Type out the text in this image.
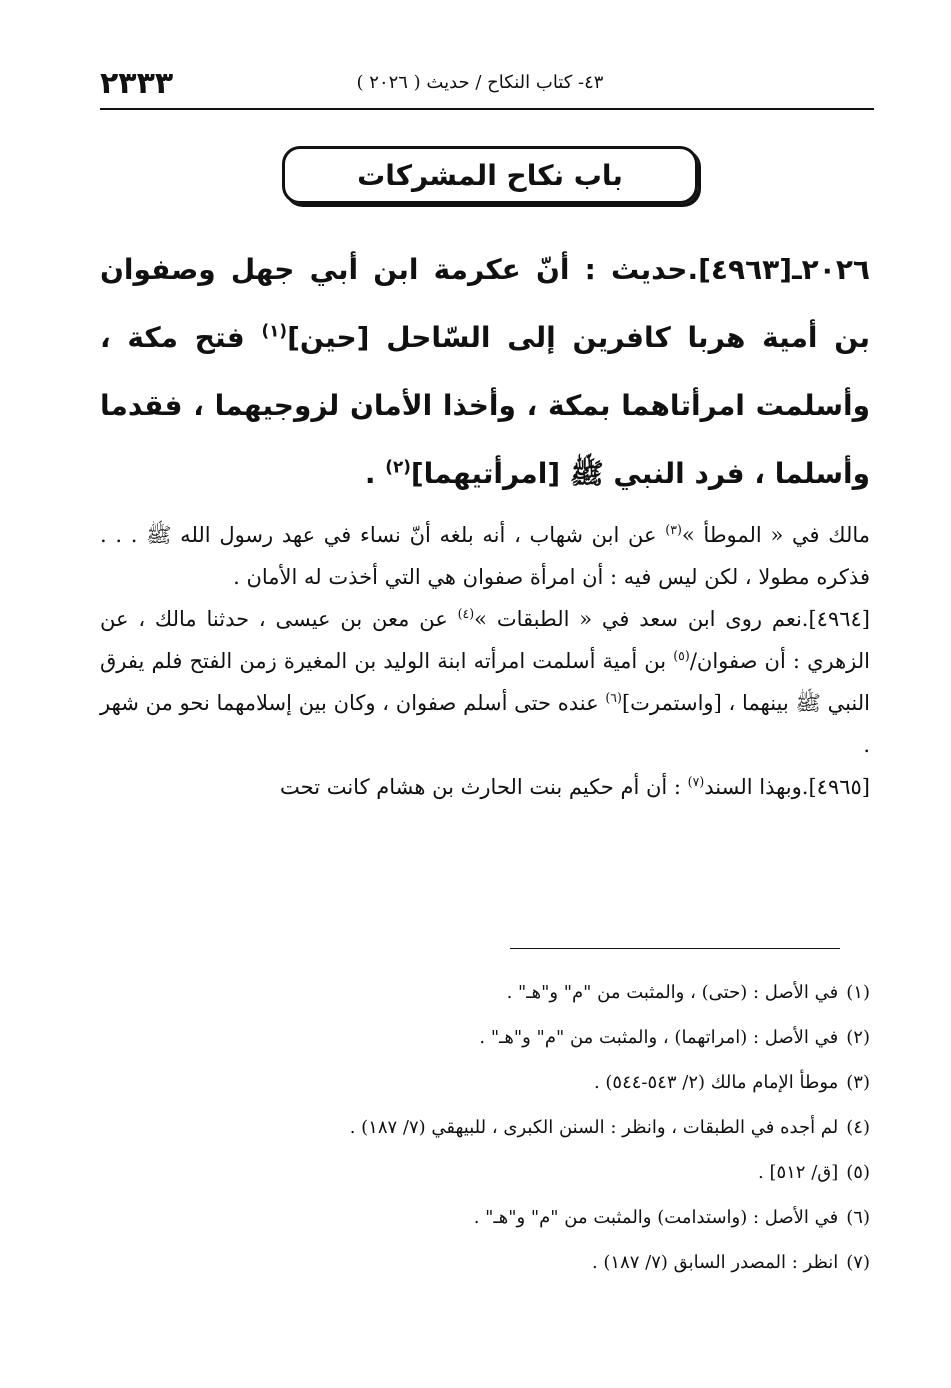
٢٣٣٣	٤٣- كتاب النكاح / حديث ( ٢٠٢٦ )
باب نكاح المشركات
٢٠٢٦ـ[٤٩٦٣].حديث : أنّ عكرمة ابن أبي جهل وصفوان بن أمية هربا كافرين إلى السّاحل [حين]$^{(١)}$ فتح مكة ، وأسلمت امرأتاهما بمكة ، وأخذا الأمان لزوجيهما ، فقدما وأسلما ، فرد النبي ﷺ [امرأتيهما]$^{(٢)}$ .

مالك في « الموطأ »$^{(٣)}$ عن ابن شهاب ، أنه بلغه أنّ نساء في عهد رسول الله ﷺ . . . فذكره مطولا ، لكن ليس فيه : أن امرأة صفوان هي التي أخذت له الأمان .

[٤٩٦٤].نعم روى ابن سعد في « الطبقات »$^{(٤)}$ عن معن بن عيسى ، حدثنا مالك ، عن الزهري : أن صفوان/$^{(٥)}$ بن أمية أسلمت امرأته ابنة الوليد بن المغيرة زمن الفتح فلم يفرق النبي ﷺ بينهما ، [واستمرت]$^{(٦)}$ عنده حتى أسلم صفوان ، وكان بين إسلامهما نحو من شهر .

[٤٩٦٥].وبهذا السند$^{(٧)}$ : أن أم حكيم بنت الحارث بن هشام كانت تحت

(١)في الأصل : (حتى) ، والمثبت من "م" و"هـ" .

(٢)في الأصل : (امراتهما) ، والمثبت من "م" و"هـ" .

(٣)موطأ الإمام مالك (٢/ ٥٤٣-٥٤٤) .

(٤)لم أجده في الطبقات ، وانظر : السنن الكبرى ، للبيهقي (٧/ ١٨٧) .

(٥)[ق/ ٥١٢] .

(٦)في الأصل : (واستدامت) والمثبت من "م" و"هـ" .

(٧)انظر : المصدر السابق (٧/ ١٨٧) .
